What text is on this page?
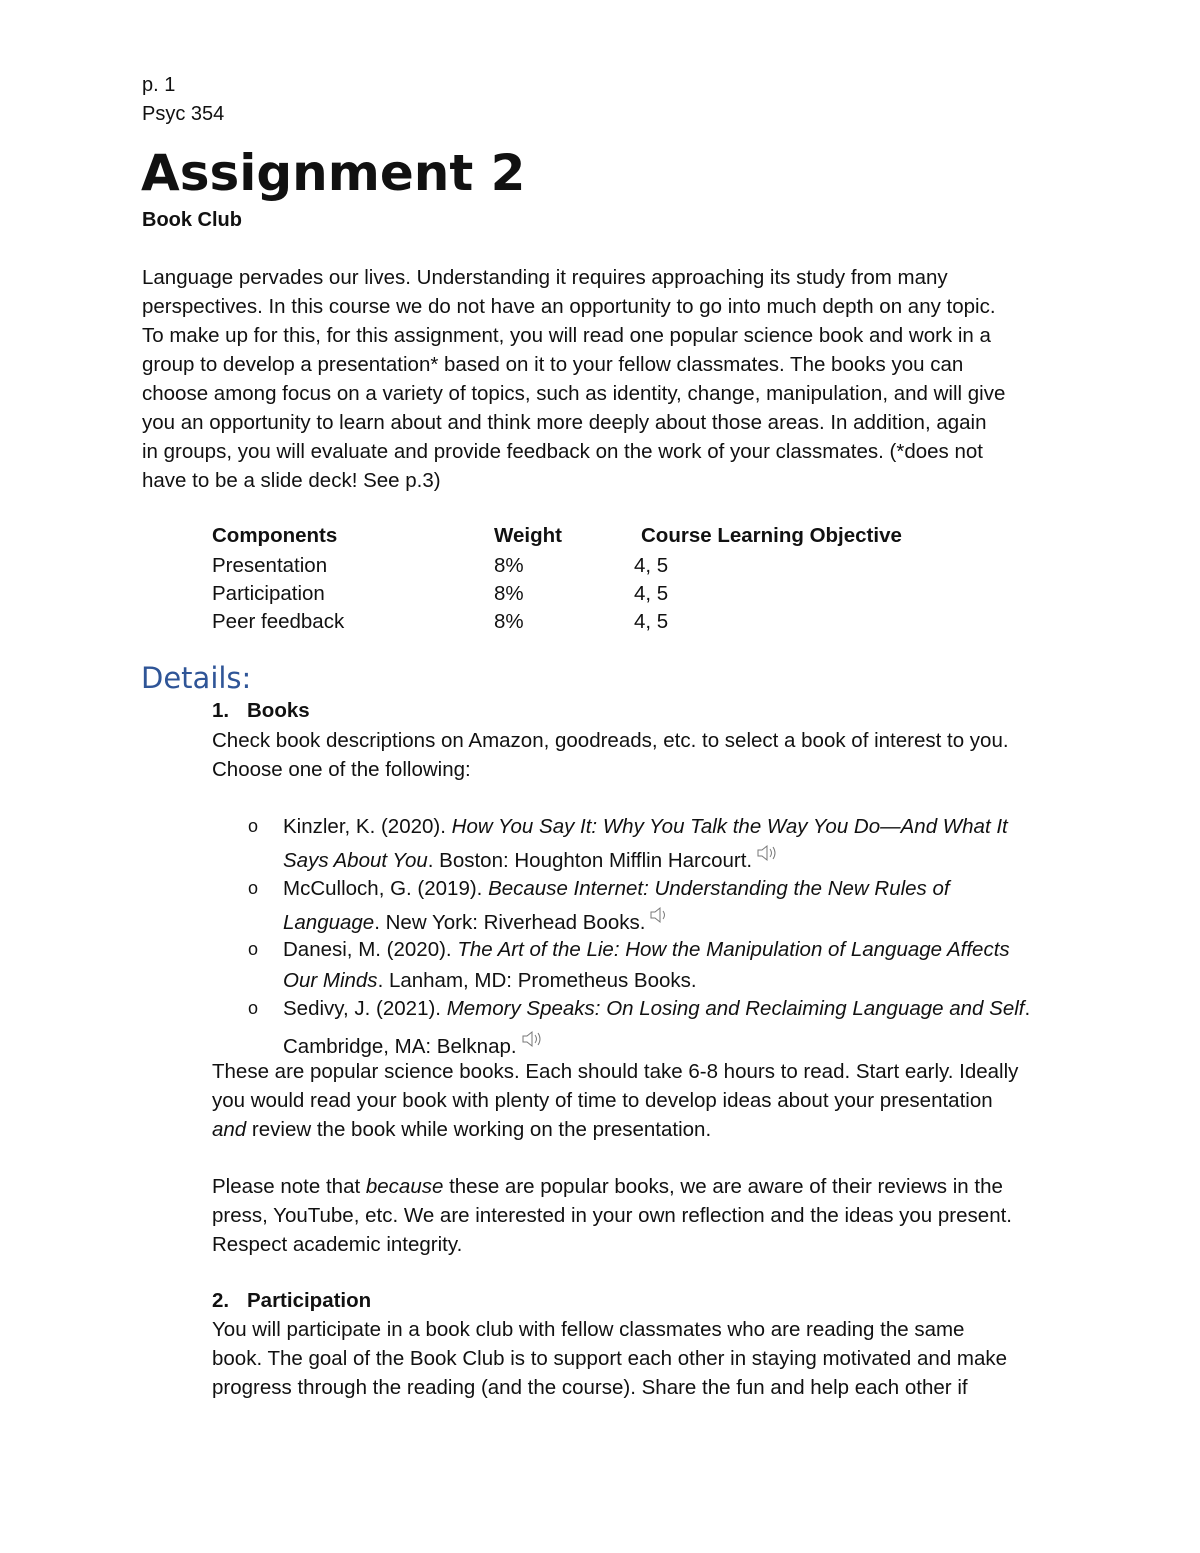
p. 1
Psyc 354
Assignment 2
Book Club

Language pervades our lives. Understanding it requires approaching its study from many

perspectives. In this course we do not have an opportunity to go into much depth on any topic.

To make up for this, for this assignment, you will read one popular science book and work in a

group to develop a presentation* based on it to your fellow classmates. The books you can

choose among focus on a variety of topics, such as identity, change, manipulation, and will give

you an opportunity to learn about and think more deeply about those areas. In addition, again

in groups, you will evaluate and provide feedback on the work of your classmates. (*does not

have to be a slide deck! See p.3)

Components	Weight	Course Learning Objective
Presentation	8%	4, 5
Participation	8%	4, 5
Peer feedback	8%	4, 5
Details:
1. Books
Check book descriptions on Amazon, goodreads, etc. to select a book of interest to you.
Choose one of the following:
o Kinzler, K. (2020). How You Say It: Why You Talk the Way You Do—And What It
Says About You. Boston: Houghton Mifflin Harcourt.
o McCulloch, G. (2019). Because Internet: Understanding the New Rules of
Language. New York: Riverhead Books.
o Danesi, M. (2020). The Art of the Lie: How the Manipulation of Language Affects
Our Minds. Lanham, MD: Prometheus Books.
o Sedivy, J. (2021). Memory Speaks: On Losing and Reclaiming Language and Self.
Cambridge, MA: Belknap.
These are popular science books. Each should take 6-8 hours to read. Start early. Ideally
you would read your book with plenty of time to develop ideas about your presentation
and review the book while working on the presentation.
Please note that because these are popular books, we are aware of their reviews in the
press, YouTube, etc. We are interested in your own reflection and the ideas you present.
Respect academic integrity.
2. Participation
You will participate in a book club with fellow classmates who are reading the same
book. The goal of the Book Club is to support each other in staying motivated and make
progress through the reading (and the course). Share the fun and help each other if
